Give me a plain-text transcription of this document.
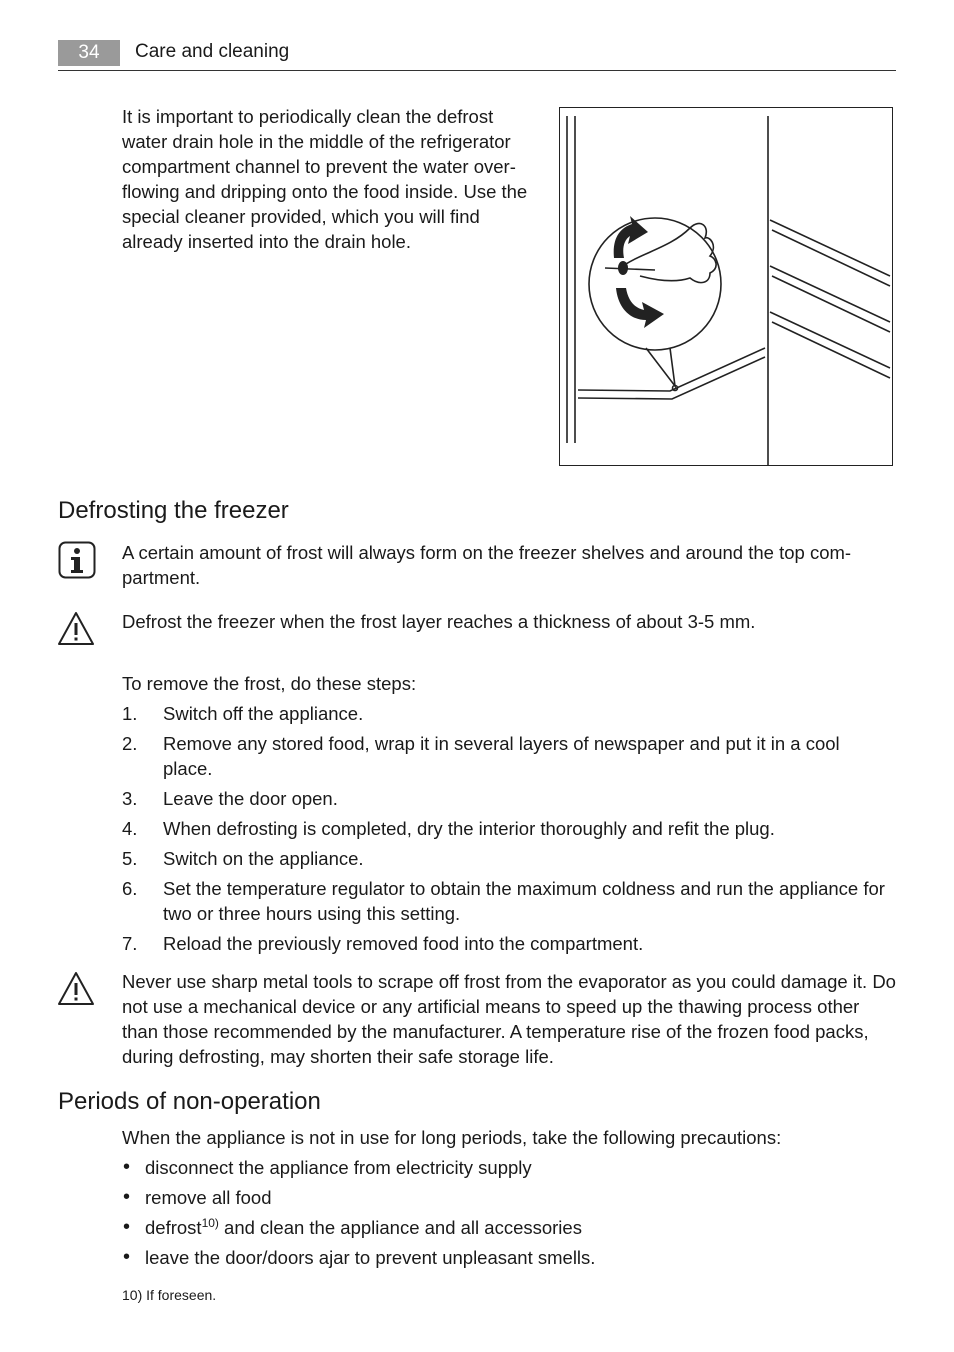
34	Care and cleaning
It is important to periodically clean the defrost water drain hole in the middle of the refrigerator compartment channel to prevent the water overflowing and dripping onto the food inside. Use the special cleaner provided, which you will find already inserted into the drain hole.
Defrosting the freezer
A certain amount of frost will always form on the freezer shelves and around the top compartment.
Defrost the freezer when the frost layer reaches a thickness of about 3-5 mm.
To remove the frost, do these steps:
1. Switch off the appliance.
2. Remove any stored food, wrap it in several layers of newspaper and put it in a cool place.
3. Leave the door open.
4. When defrosting is completed, dry the interior thoroughly and refit the plug.
5. Switch on the appliance.
6. Set the temperature regulator to obtain the maximum coldness and run the appliance for two or three hours using this setting.
7. Reload the previously removed food into the compartment.
Never use sharp metal tools to scrape off frost from the evaporator as you could damage it. Do not use a mechanical device or any artificial means to speed up the thawing process other than those recommended by the manufacturer. A temperature rise of the frozen food packs, during defrosting, may shorten their safe storage life.
Periods of non-operation
When the appliance is not in use for long periods, take the following precautions:
• disconnect the appliance from electricity supply
• remove all food
• defrost$^{10)}$ and clean the appliance and all accessories
• leave the door/doors ajar to prevent unpleasant smells.
10) If foreseen.
